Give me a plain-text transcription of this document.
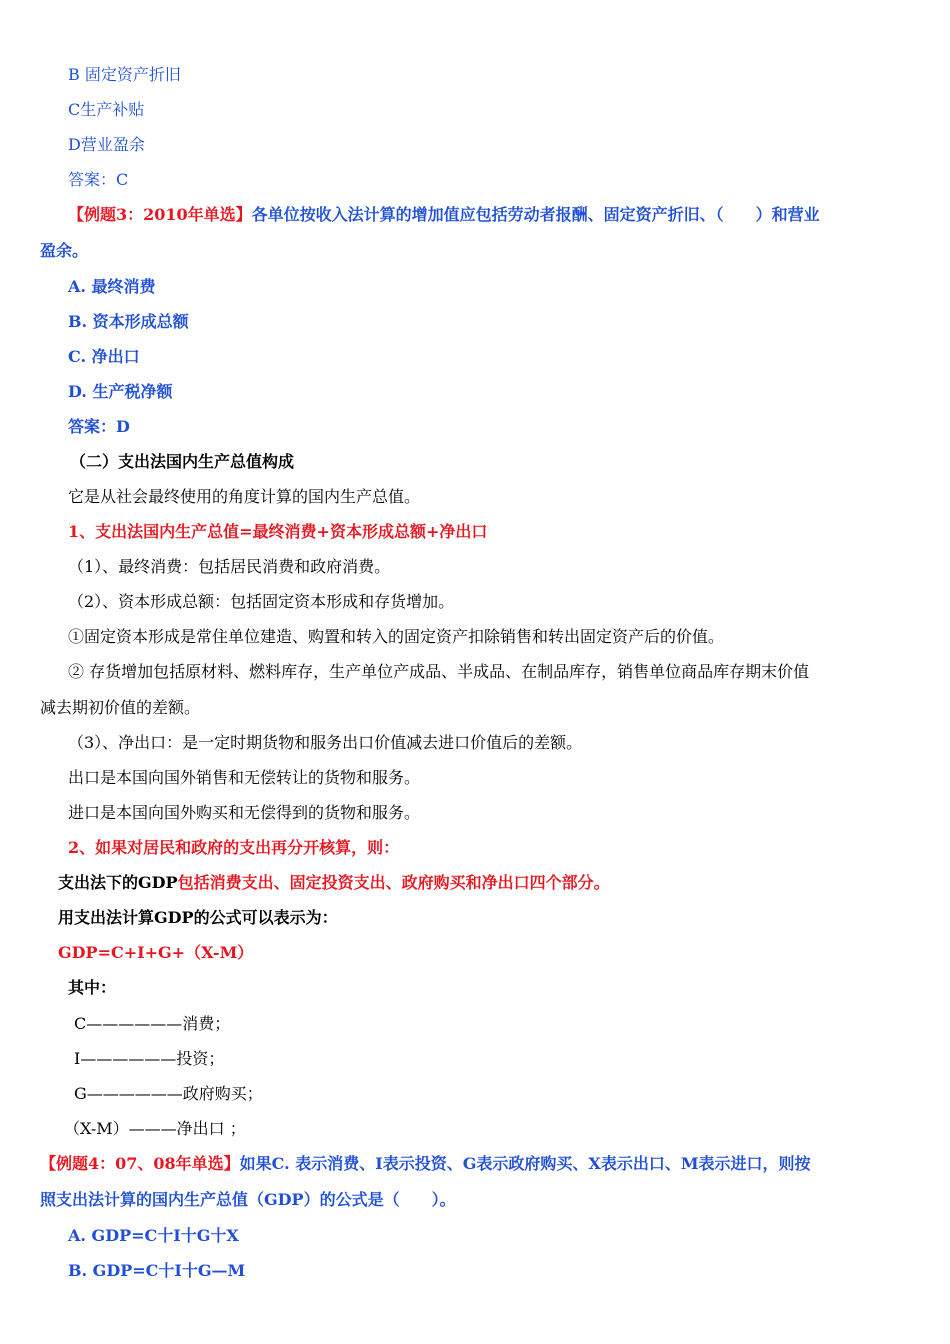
B 固定资产折旧
C生产补贴
D营业盈余
答案：C
【例题3：2010年单选】各单位按收入法计算的增加值应包括劳动者报酬、固定资产折旧、（　　）和营业
盈余。
A. 最终消费
B. 资本形成总额
C. 净出口
D. 生产税净额
答案：D
（二）支出法国内生产总值构成
它是从社会最终使用的角度计算的国内生产总值。
1、支出法国内生产总值=最终消费+资本形成总额+净出口
（1）、最终消费：包括居民消费和政府消费。
（2）、资本形成总额：包括固定资本形成和存货增加。
①固定资本形成是常住单位建造、购置和转入的固定资产扣除销售和转出固定资产后的价值。
② 存货增加包括原材料、燃料库存，生产单位产成品、半成品、在制品库存，销售单位商品库存期末价值
减去期初价值的差额。
（3）、净出口：是一定时期货物和服务出口价值减去进口价值后的差额。
出口是本国向国外销售和无偿转让的货物和服务。
进口是本国向国外购买和无偿得到的货物和服务。
2、如果对居民和政府的支出再分开核算，则：
支出法下的GDP包括消费支出、固定投资支出、政府购买和净出口四个部分。
用支出法计算GDP的公式可以表示为：
GDP=C+I+G+（X-M）
其中：
C——————消费；
I——————投资；
G——————政府购买；
（X-M）———净出口 ；
【例题4：07、08年单选】如果C. 表示消费、I表示投资、G表示政府购买、X表示出口、M表示进口，则按
照支出法计算的国内生产总值（GDP）的公式是（　　）。
A. GDP=C十I十G十X
B. GDP=C十I十G—M
